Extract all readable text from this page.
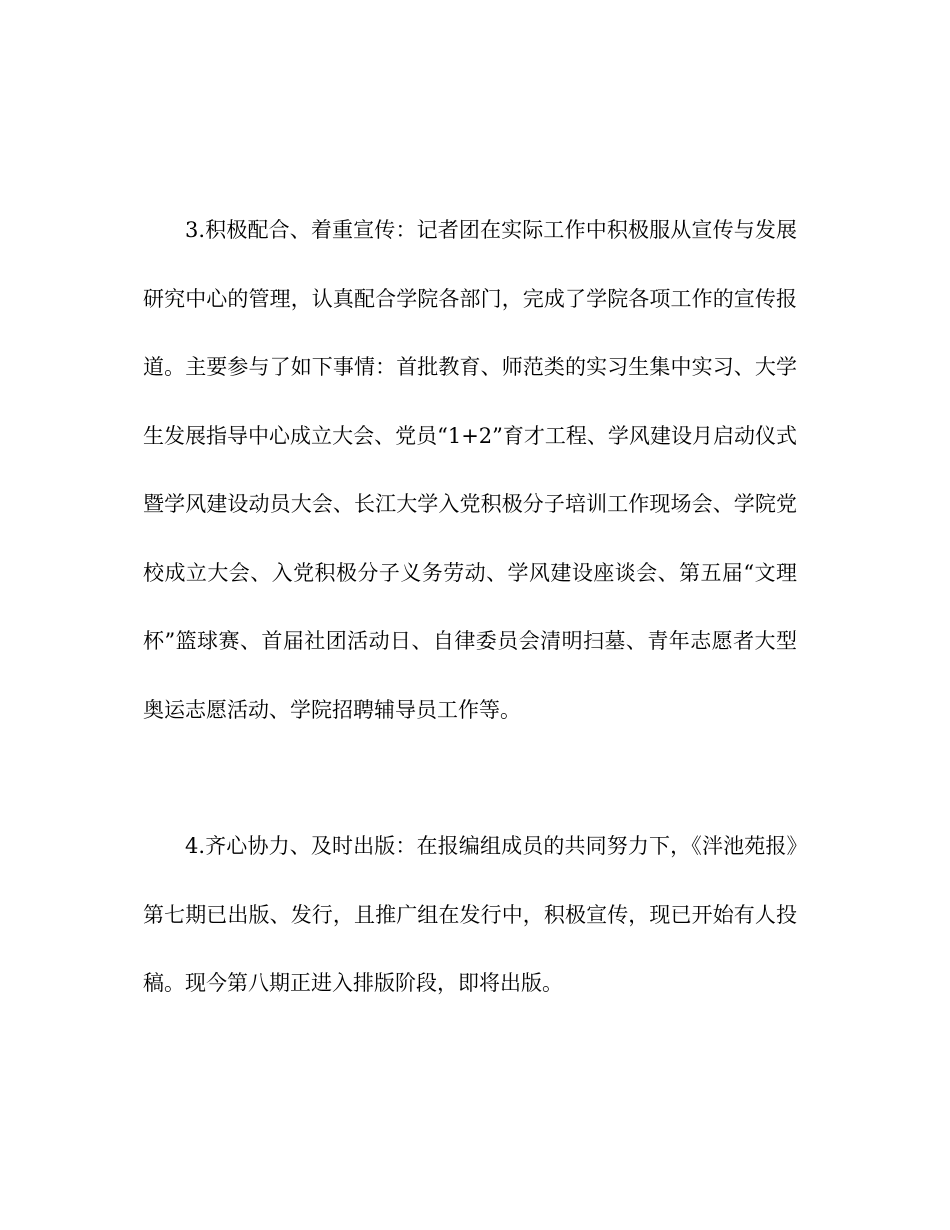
3.积极配合、着重宣传：记者团在实际工作中积极服从宣传与发展研究中心的管理，认真配合学院各部门，完成了学院各项工作的宣传报道。主要参与了如下事情：首批教育、师范类的实习生集中实习、大学生发展指导中心成立大会、党员“1+2”育才工程、学风建设月启动仪式暨学风建设动员大会、长江大学入党积极分子培训工作现场会、学院党校成立大会、入党积极分子义务劳动、学风建设座谈会、第五届“文理杯”篮球赛、首届社团活动日、自律委员会清明扫墓、青年志愿者大型奥运志愿活动、学院招聘辅导员工作等。

4.齐心协力、及时出版：在报编组成员的共同努力下，《泮池苑报》第七期已出版、发行，且推广组在发行中，积极宣传，现已开始有人投稿。现今第八期正进入排版阶段，即将出版。
